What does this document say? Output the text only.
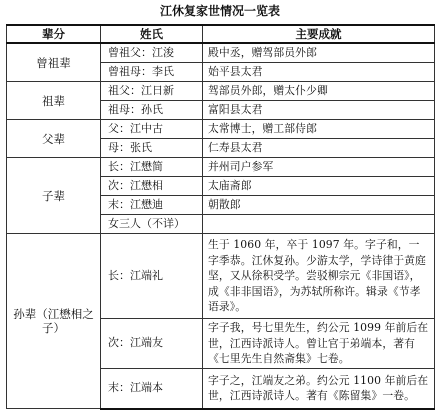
江休复家世情况一览表
辈分	姓氏	主要成就
曾祖辈	曾祖父：江浚	殿中丞，赠驾部员外郎
	曾祖母：李氏	始平县太君
祖辈	祖父：江日新	驾部员外郎，赠太仆少卿
	祖母：孙氏	富阳县太君
父辈	父：江中古	太常博士，赠工部侍郎
	母：张氏	仁寿县太君
子辈	长：江懋简	并州司户参军
	次：江懋相	太庙斋郎
	末：江懋迪	朝散郎
	女三人（不详）	
孙辈（江懋相之子）	长：江端礼	生于 1060 年，卒于 1097 年。字子和，一字季恭。江休复孙。少游太学，学诗律于黄庭坚，又从徐积受学。尝驳柳宗元《非国语》，成《非非国语》，为苏轼所称许。辑录《节孝语录》。
	次：江端友	字子我，号七里先生，约公元 1099 年前后在世，江西诗派诗人。曾让官于弟端本，著有《七里先生自然斋集》七卷。
	末：江端本	字子之，江端友之弟。约公元 1100 年前后在世，江西诗派诗人。著有《陈留集》一卷。
